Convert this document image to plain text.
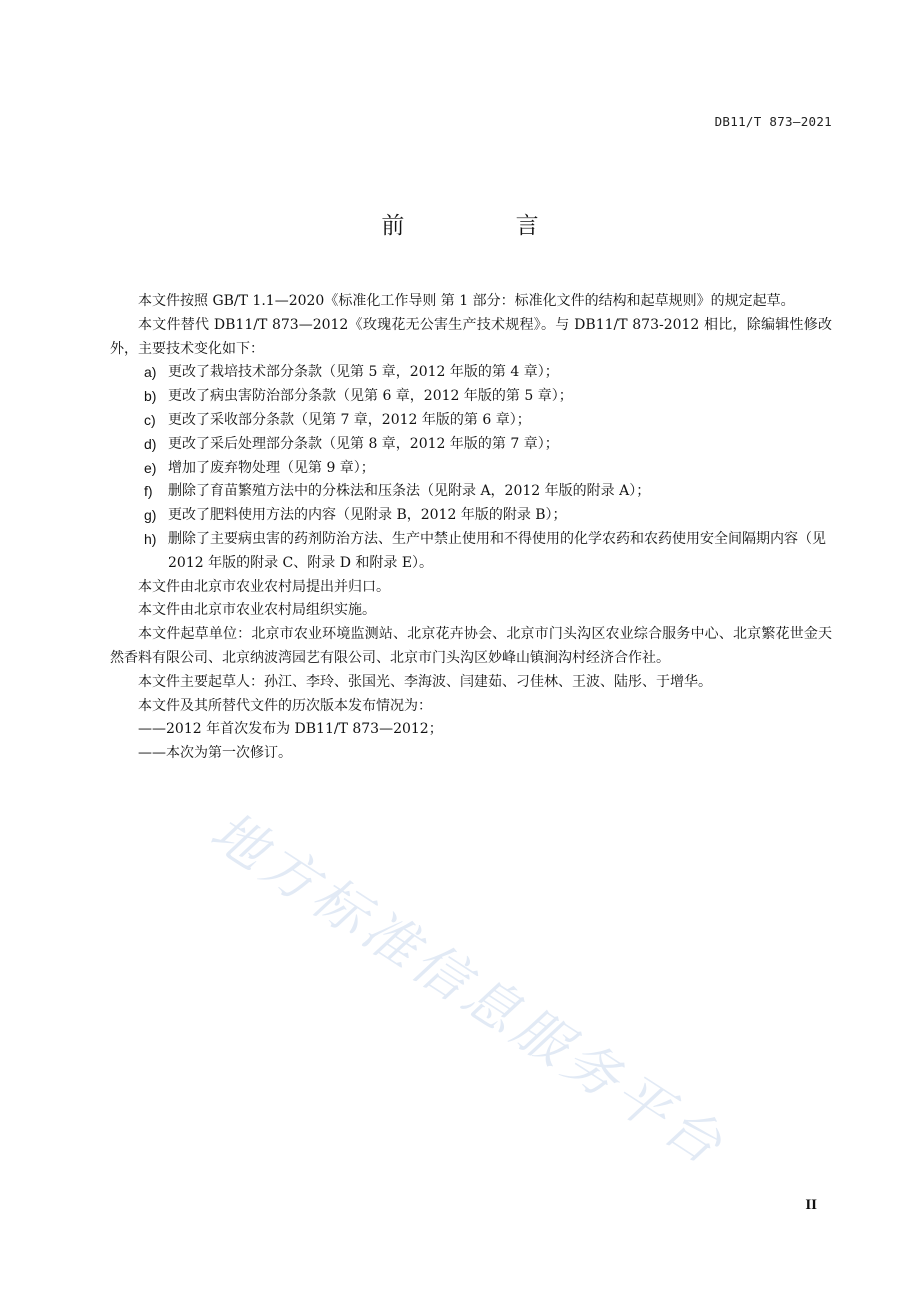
DB11/T 873—2021
前 言

本文件按照 GB/T 1.1—2020《标准化工作导则 第 1 部分：标准化文件的结构和起草规则》的规定起草。

本文件替代 DB11/T 873—2012《玫瑰花无公害生产技术规程》。与 DB11/T 873-2012 相比，除编辑性修改外，主要技术变化如下：

a) 更改了栽培技术部分条款（见第 5 章，2012 年版的第 4 章）；
b) 更改了病虫害防治部分条款（见第 6 章，2012 年版的第 5 章）；
c) 更改了采收部分条款（见第 7 章，2012 年版的第 6 章）；
d) 更改了采后处理部分条款（见第 8 章，2012 年版的第 7 章）；
e) 增加了废弃物处理（见第 9 章）；
f)	删除了育苗繁殖方法中的分株法和压条法（见附录 A，2012 年版的附录 A）；
g) 更改了肥料使用方法的内容（见附录 B，2012 年版的附录 B）；
h) 删除了主要病虫害的药剂防治方法、生产中禁止使用和不得使用的化学农药和农药使用安全间隔期内容（见 2012 年版的附录 C、附录 D 和附录 E）。

本文件由北京市农业农村局提出并归口。

本文件由北京市农业农村局组织实施。

本文件起草单位：北京市农业环境监测站、北京花卉协会、北京市门头沟区农业综合服务中心、北京繁花世金天然香料有限公司、北京纳波湾园艺有限公司、北京市门头沟区妙峰山镇涧沟村经济合作社。

本文件主要起草人：孙江、李玲、张国光、李海波、闫建茹、刁佳林、王波、陆彤、于增华。

本文件及其所替代文件的历次版本发布情况为：

——2012 年首次发布为 DB11/T 873—2012；

——本次为第一次修订。

地方标准信息服务平台
II
